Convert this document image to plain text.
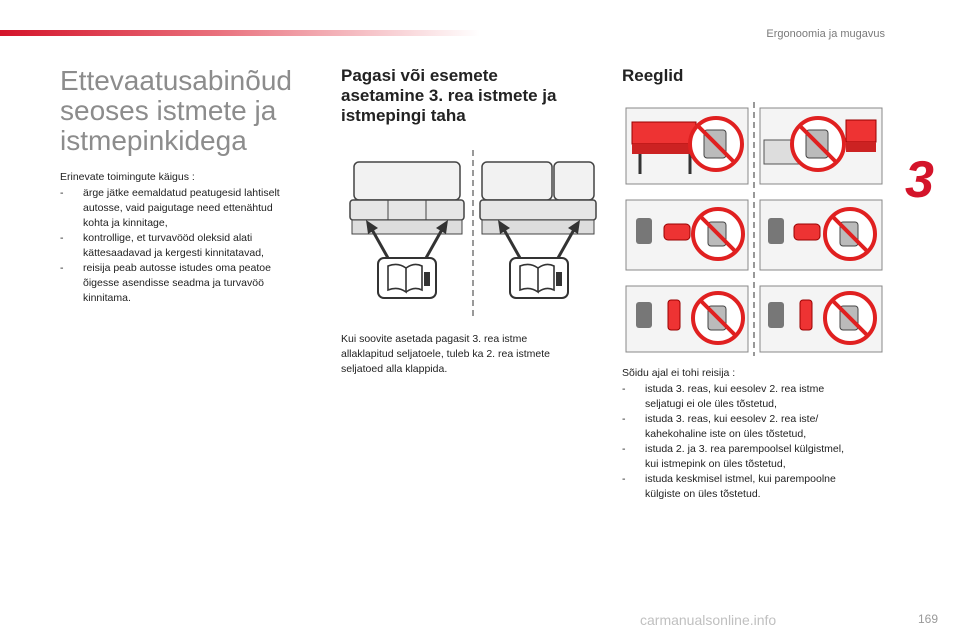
Ergonoomia ja mugavus
3
Ettevaatusabinõud
seoses istmete ja
istmepinkidega
Erinevate toimingute käigus :
- ärge jätke eemaldatud peatugesid lahtiselt
autosse, vaid paigutage need ettenähtud
kohta ja kinnitage,
- kontrollige, et turvavööd oleksid alati
kättesaadavad ja kergesti kinnitatavad,
- reisija peab autosse istudes oma peatoe
õigesse asendisse seadma ja turvavöö
kinnitama.
Pagasi või esemete
asetamine 3. rea istmete ja
istmepingi taha
Kui soovite asetada pagasit 3. rea istme
allaklapitud seljatoele, tuleb ka 2. rea istmete
seljatoed alla klappida.
Reeglid
Sõidu ajal ei tohi reisija :
- istuda 3. reas, kui eesolev 2. rea istme
seljatugi ei ole üles tõstetud,
- istuda 3. reas, kui eesolev 2. rea iste/
kahekohaline iste on üles tõstetud,
- istuda 2. ja 3. rea parempoolsel külgistmel,
kui istmepink on üles tõstetud,
- istuda keskmisel istmel, kui parempoolne
külgiste on üles tõstetud.
169
carmanualsonline.info
